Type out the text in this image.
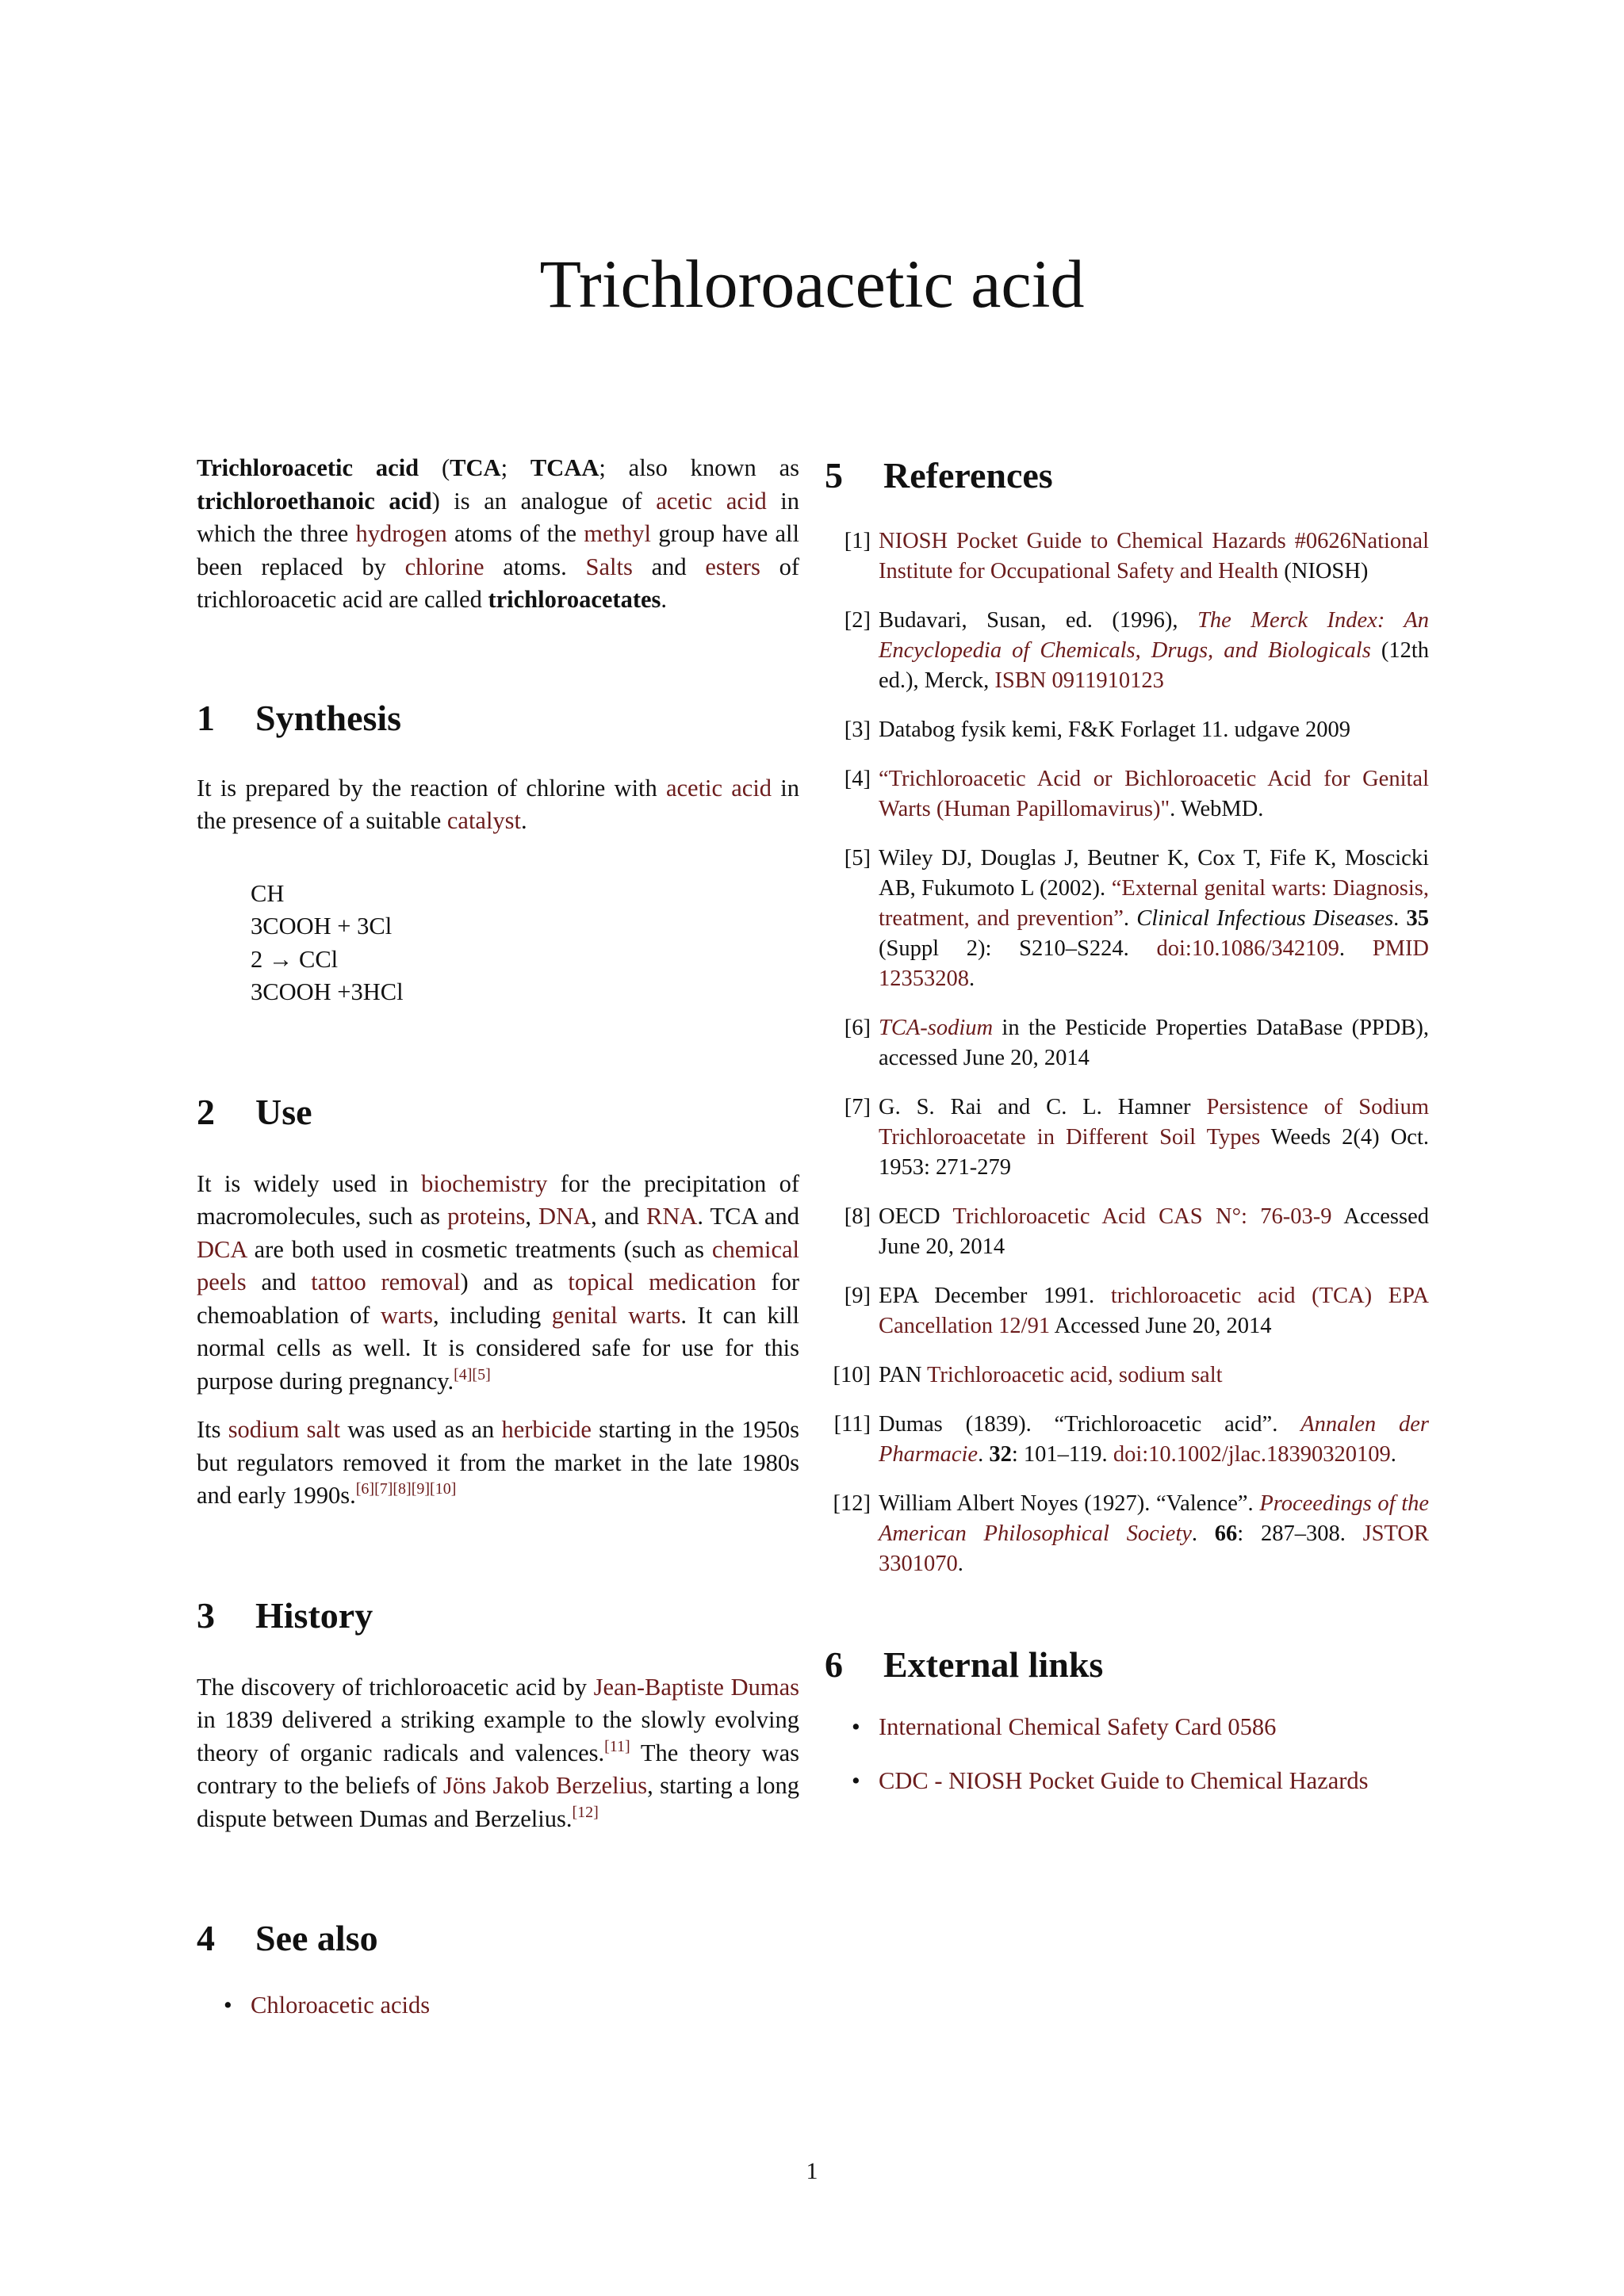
Trichloroacetic acid

Trichloroacetic acid (TCA; TCAA; also known as trichloroethanoic acid) is an analogue of acetic acid in which the three hydrogen atoms of the methyl group have all been replaced by chlorine atoms. Salts and esters of trichloroacetic acid are called trichloroacetates.

1 Synthesis

It is prepared by the reaction of chlorine with acetic acid in the presence of a suitable catalyst.

CH
3COOH + 3Cl
2 → CCl
3COOH +3HCl
2 Use

It is widely used in biochemistry for the precipitation of macromolecules, such as proteins, DNA, and RNA. TCA and DCA are both used in cosmetic treatments (such as chemical peels and tattoo removal) and as topical medication for chemoablation of warts, including genital warts. It can kill normal cells as well. It is considered safe for use for this purpose during pregnancy.[4][5]

Its sodium salt was used as an herbicide starting in the 1950s but regulators removed it from the market in the late 1980s and early 1990s.[6][7][8][9][10]

3 History

The discovery of trichloroacetic acid by Jean-Baptiste Dumas in 1839 delivered a striking example to the slowly evolving theory of organic radicals and valences.[11] The theory was contrary to the beliefs of Jöns Jakob Berzelius, starting a long dispute between Dumas and Berzelius.[12]

4 See also
• Chloroacetic acids
5 References
[1] NIOSH Pocket Guide to Chemical Hazards #0626National Institute for Occupational Safety and Health (NIOSH)
[2] Budavari, Susan, ed. (1996), The Merck Index: An Encyclopedia of Chemicals, Drugs, and Biologicals (12th ed.), Merck, ISBN 0911910123
[3] Databog fysik kemi, F&K Forlaget 11. udgave 2009
[4] “Trichloroacetic Acid or Bichloroacetic Acid for Genital Warts (Human Papillomavirus)". WebMD.
[5] Wiley DJ, Douglas J, Beutner K, Cox T, Fife K, Moscicki AB, Fukumoto L (2002). “External genital warts: Diagnosis, treatment, and prevention”. Clinical Infectious Diseases. 35 (Suppl 2): S210–S224. doi:10.1086/342109. PMID 12353208.
[6] TCA-sodium in the Pesticide Properties DataBase (PPDB), accessed June 20, 2014
[7] G. S. Rai and C. L. Hamner Persistence of Sodium Trichloroacetate in Different Soil Types Weeds 2(4) Oct. 1953: 271-279
[8] OECD Trichloroacetic Acid CAS N°: 76-03-9 Accessed June 20, 2014
[9] EPA December 1991. trichloroacetic acid (TCA) EPA Cancellation 12/91 Accessed June 20, 2014
[10] PAN Trichloroacetic acid, sodium salt
[11] Dumas (1839). “Trichloroacetic acid”. Annalen der Pharmacie. 32: 101–119. doi:10.1002/jlac.18390320109.
[12] William Albert Noyes (1927). “Valence”. Proceedings of the American Philosophical Society. 66: 287–308. JSTOR 3301070.
6 External links
• International Chemical Safety Card 0586
• CDC - NIOSH Pocket Guide to Chemical Hazards
1
